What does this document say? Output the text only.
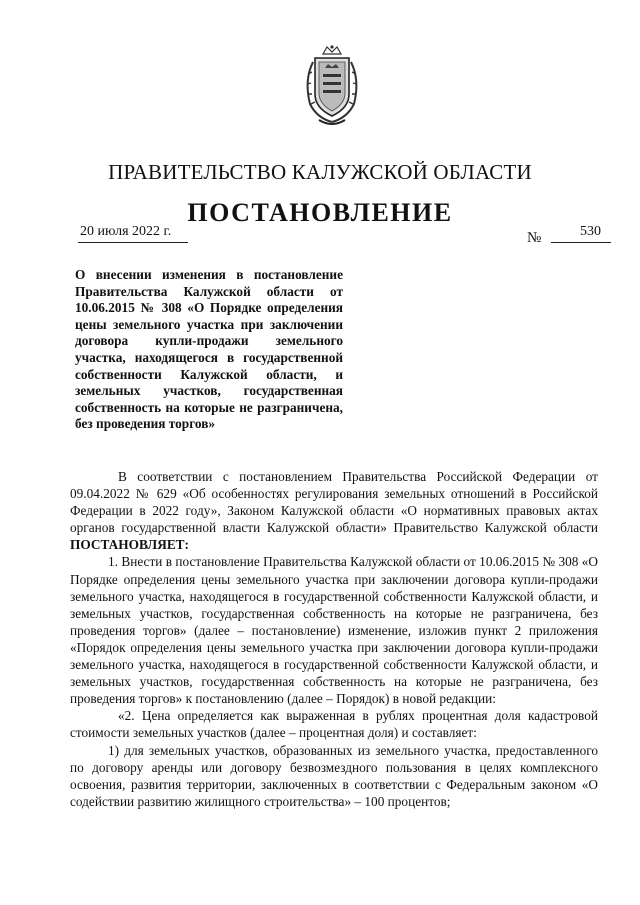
ПРАВИТЕЛЬСТВО КАЛУЖСКОЙ ОБЛАСТИ
ПОСТАНОВЛЕНИЕ
20 июля 2022 г.	№	530
О внесении изменения в постановление Правительства Калужской области от 10.06.2015 № 308 «О Порядке определения цены земельного участка при заключении договора купли-продажи земельного участка, находящегося в государственной собственности Калужской области, и земельных участков, государственная собственность на которые не разграничена, без проведения торгов»

В соответствии с постановлением Правительства Российской Федерации от 09.04.2022 № 629 «Об особенностях регулирования земельных отношений в Российской Федерации в 2022 году», Законом Калужской области «О нормативных правовых актах органов государственной власти Калужской области» Правительство Калужской области ПОСТАНОВЛЯЕТ:

1. Внести в постановление Правительства Калужской области от 10.06.2015 № 308 «О Порядке определения цены земельного участка при заключении договора купли-продажи земельного участка, находящегося в государственной собственности Калужской области, и земельных участков, государственная собственность на которые не разграничена, без проведения торгов» (далее – постановление) изменение, изложив пункт 2 приложения «Порядок определения цены земельного участка при заключении договора купли-продажи земельного участка, находящегося в государственной собственности Калужской области, и земельных участков, государственная собственность на которые не разграничена, без проведения торгов» к постановлению (далее – Порядок) в новой редакции:

«2. Цена определяется как выраженная в рублях процентная доля кадастровой стоимости земельных участков (далее – процентная доля) и составляет:

1) для земельных участков, образованных из земельного участка, предоставленного по договору аренды или договору безвозмездного пользования в целях комплексного освоения, развития территории, заключенных в соответствии с Федеральным законом «О содействии развитию жилищного строительства» – 100 процентов;
